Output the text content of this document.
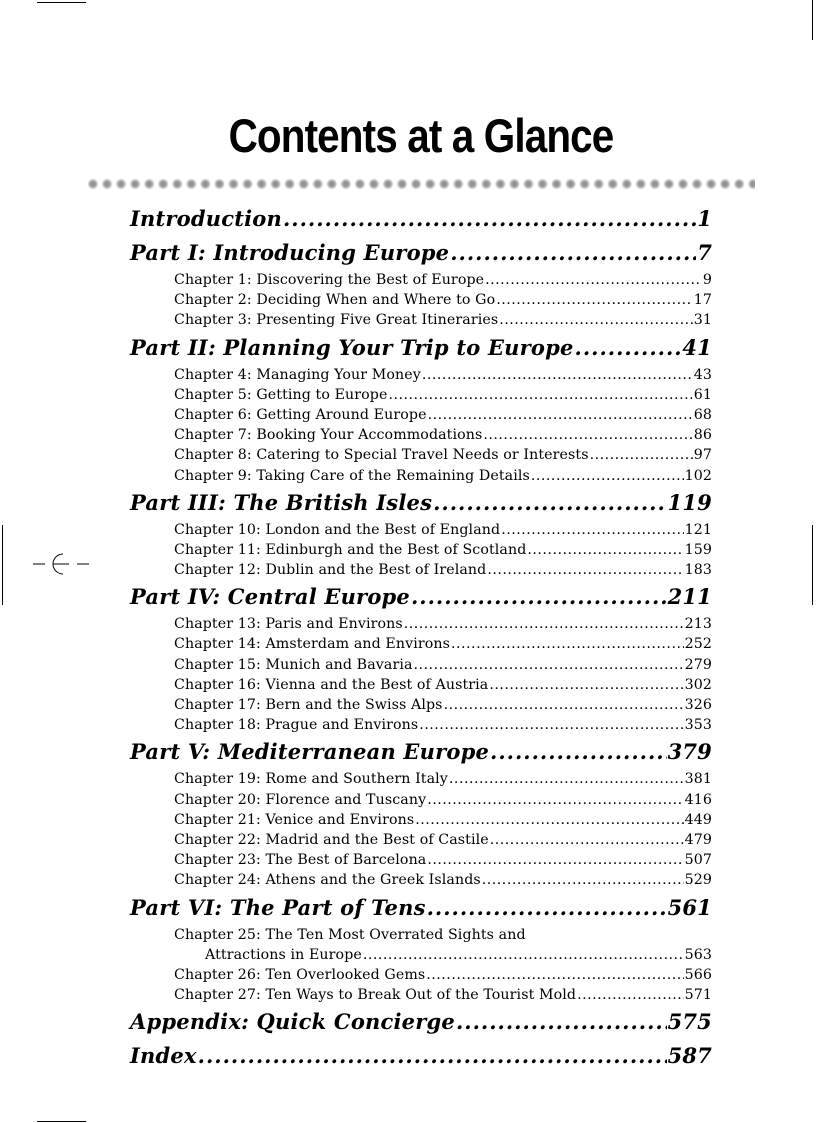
Contents at a Glance
Introduction .....	1
Part I: Introducing Europe .....	7
Chapter 1: Discovering the Best of Europe .....	9
Chapter 2: Deciding When and Where to Go .....	17
Chapter 3: Presenting Five Great Itineraries .....	31
Part II: Planning Your Trip to Europe .....	41
Chapter 4: Managing Your Money .....	43
Chapter 5: Getting to Europe .....	61
Chapter 6: Getting Around Europe .....	68
Chapter 7: Booking Your Accommodations .....	86
Chapter 8: Catering to Special Travel Needs or Interests .....	97
Chapter 9: Taking Care of the Remaining Details .....	102
Part III: The British Isles .....	119
Chapter 10: London and the Best of England .....	121
Chapter 11: Edinburgh and the Best of Scotland .....	159
Chapter 12: Dublin and the Best of Ireland .....	183
Part IV: Central Europe .....	211
Chapter 13: Paris and Environs .....	213
Chapter 14: Amsterdam and Environs .....	252
Chapter 15: Munich and Bavaria .....	279
Chapter 16: Vienna and the Best of Austria .....	302
Chapter 17: Bern and the Swiss Alps .....	326
Chapter 18: Prague and Environs .....	353
Part V: Mediterranean Europe .....	379
Chapter 19: Rome and Southern Italy .....	381
Chapter 20: Florence and Tuscany .....	416
Chapter 21: Venice and Environs .....	449
Chapter 22: Madrid and the Best of Castile .....	479
Chapter 23: The Best of Barcelona .....	507
Chapter 24: Athens and the Greek Islands .....	529
Part VI: The Part of Tens .....	561
Chapter 25: The Ten Most Overrated Sights and
Attractions in Europe .....	563
Chapter 26: Ten Overlooked Gems .....	566
Chapter 27: Ten Ways to Break Out of the Tourist Mold .....	571
Appendix: Quick Concierge .....	575
Index .....	587
